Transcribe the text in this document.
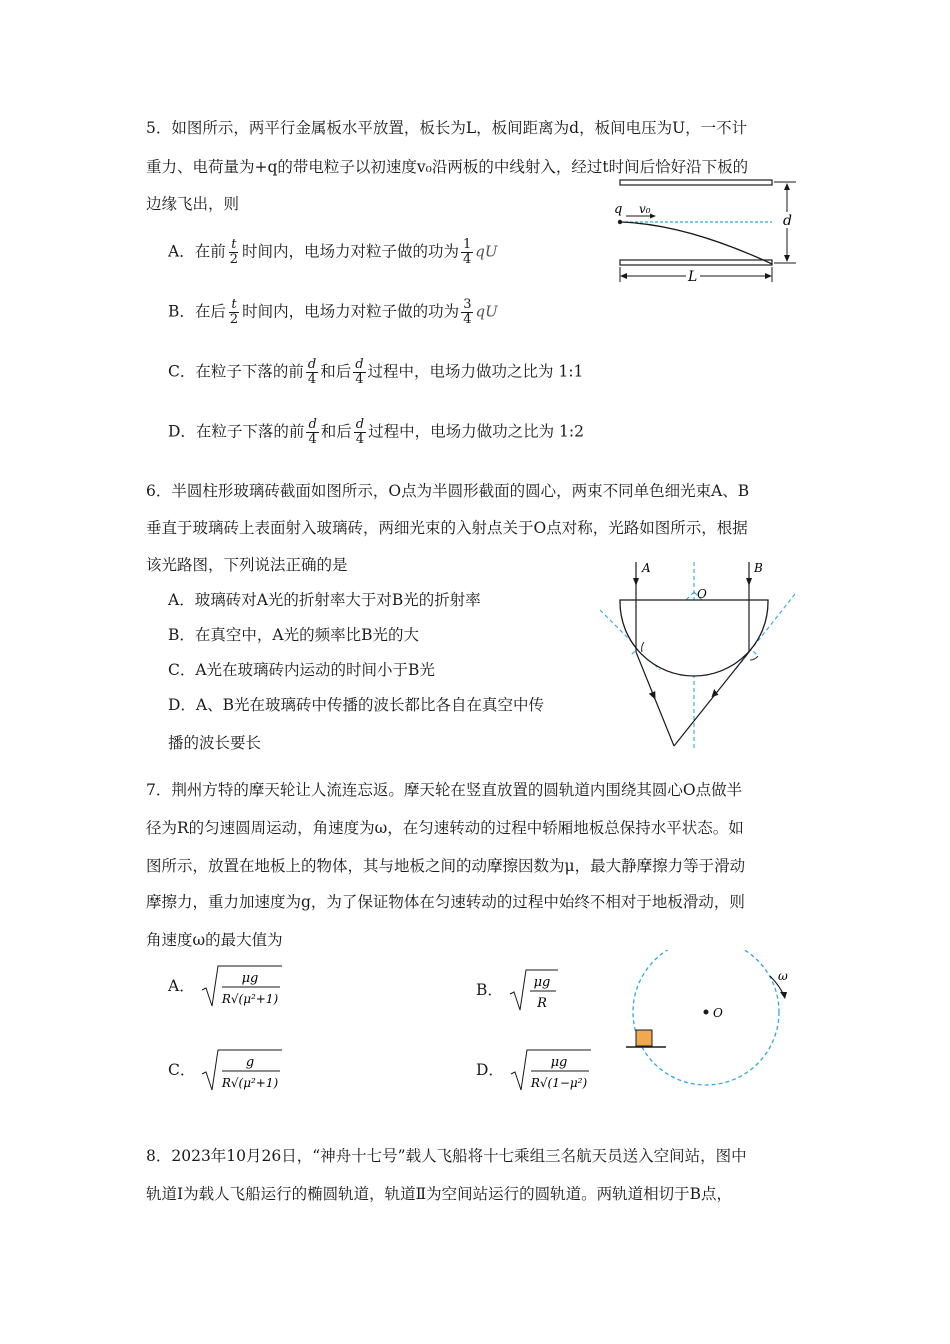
5．如图所示，两平行金属板水平放置，板长为L，板间距离为d，板间电压为U，一不计
重力、电荷量为+q的带电粒子以初速度v₀沿两板的中线射入，经过t时间后恰好沿下板的
边缘飞出，则
A．在前 $\frac{t}{2}$ 时间内，电场力对粒子做的功为 $\frac{1}{4}$ qU
B．在后 $\frac{t}{2}$ 时间内，电场力对粒子做的功为 $\frac{3}{4}$ qU
C．在粒子下落的前 $\frac{d}{4}$ 和后 $\frac{d}{4}$ 过程中，电场力做功之比为 1:1
D．在粒子下落的前 $\frac{d}{4}$ 和后 $\frac{d}{4}$ 过程中，电场力做功之比为 1:2
q v₀
d
L
6．半圆柱形玻璃砖截面如图所示，O点为半圆形截面的圆心，两束不同单色细光束A、B
垂直于玻璃砖上表面射入玻璃砖，两细光束的入射点关于O点对称，光路如图所示，根据
该光路图，下列说法正确的是
A．玻璃砖对A光的折射率大于对B光的折射率
B．在真空中，A光的频率比B光的大
C．A光在玻璃砖内运动的时间小于B光
D．A、B光在玻璃砖中传播的波长都比各自在真空中传
播的波长要长
A	B
O
7．荆州方特的摩天轮让人流连忘返。摩天轮在竖直放置的圆轨道内围绕其圆心O点做半
径为R的匀速圆周运动，角速度为ω，在匀速转动的过程中轿厢地板总保持水平状态。如
图所示，放置在地板上的物体，其与地板之间的动摩擦因数为μ，最大静摩擦力等于滑动
摩擦力，重力加速度为g，为了保证物体在匀速转动的过程中始终不相对于地板滑动，则
角速度ω的最大值为
A．	μg
R√(μ²+1)	B． μg
R
C．	g
R√(μ²+1)
D．	μg
R√(1−μ²)
O
ω
8．2023年10月26日，“神舟十七号”载人飞船将十七乘组三名航天员送入空间站，图中
轨道Ⅰ为载人飞船运行的椭圆轨道，轨道Ⅱ为空间站运行的圆轨道。两轨道相切于B点，
